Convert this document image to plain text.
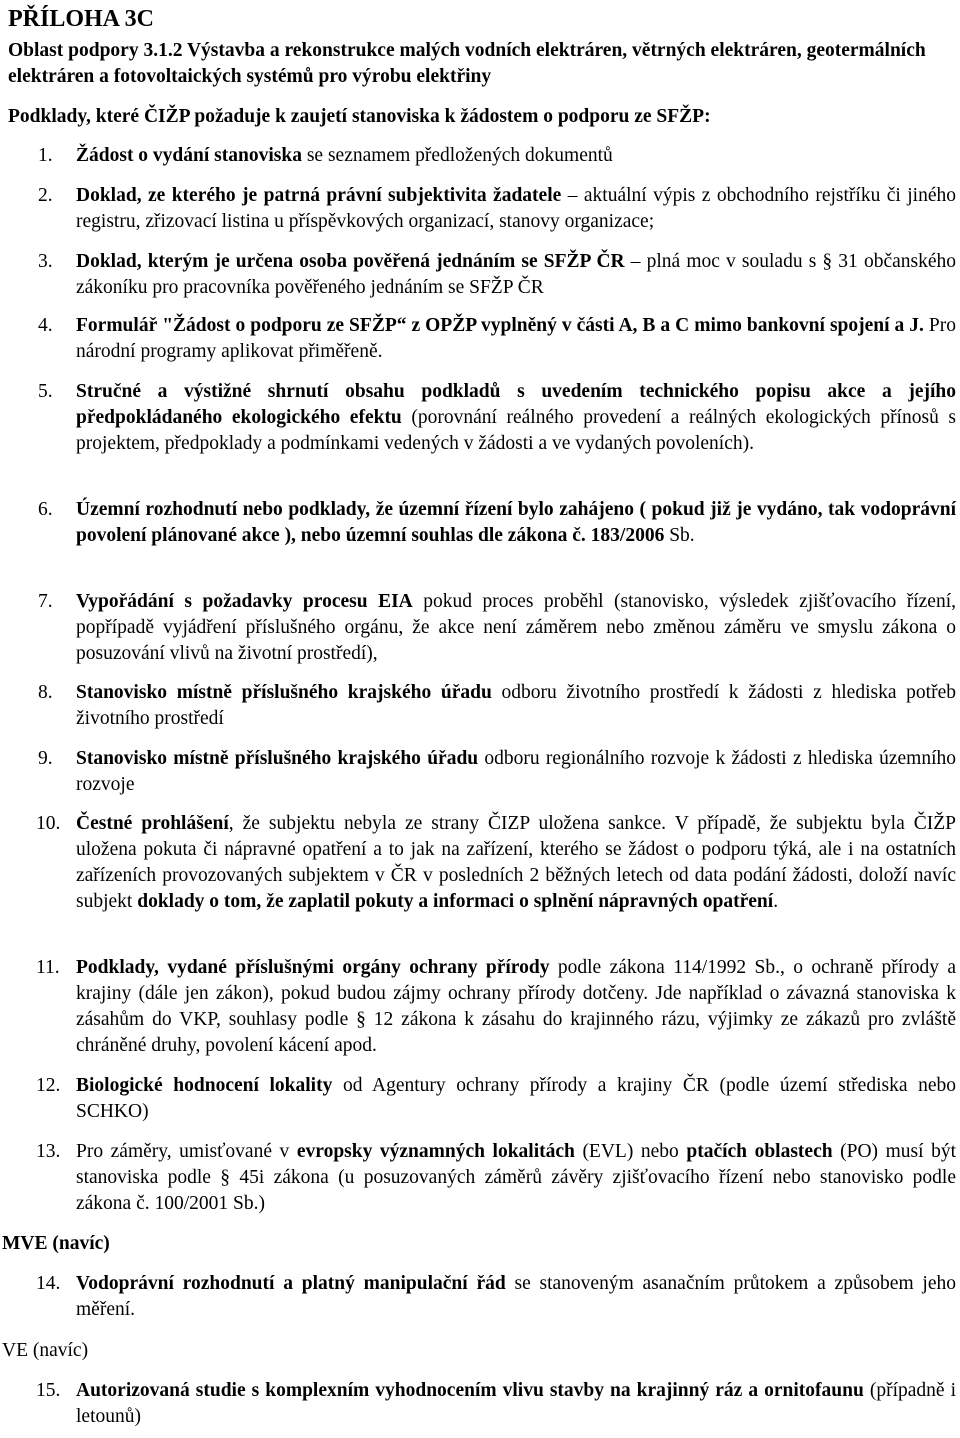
PŘÍLOHA 3C
Oblast podpory 3.1.2 Výstavba a rekonstrukce malých vodních elektráren, větrných elektráren, geotermálních elektráren a fotovoltaických systémů pro výrobu elektřiny
Podklady, které ČIŽP požaduje k zaujetí stanoviska k žádostem o podporu ze SFŽP:
1.	Žádost o vydání stanoviska se seznamem předložených dokumentů
2.	Doklad, ze kterého je patrná právní subjektivita žadatele – aktuální výpis z obchodního rejstříku či jiného registru, zřizovací listina u příspěvkových organizací, stanovy organizace;
3.	Doklad, kterým je určena osoba pověřená jednáním se SFŽP ČR – plná moc v souladu s § 31 občanského zákoníku pro pracovníka pověřeného jednáním se SFŽP ČR
4.	Formulář "Žádost o podporu ze SFŽP“ z OPŽP vyplněný v části A, B a C mimo bankovní spojení a J. Pro národní programy aplikovat přiměřeně.
5.	Stručné a výstižné shrnutí obsahu podkladů s uvedením technického popisu akce a jejího předpokládaného ekologického efektu (porovnání reálného provedení a reálných ekologických přínosů s projektem, předpoklady a podmínkami vedených v žádosti a ve vydaných povoleních).
6.	Územní rozhodnutí nebo podklady, že územní řízení bylo zahájeno ( pokud již je vydáno, tak vodoprávní povolení plánované akce ), nebo územní souhlas dle zákona č. 183/2006 Sb.
7.	Vypořádání s požadavky procesu EIA pokud proces proběhl (stanovisko, výsledek zjišťovacího řízení, popřípadě vyjádření příslušného orgánu, že akce není záměrem nebo změnou záměru ve smyslu zákona o posuzování vlivů na životní prostředí),
8.	Stanovisko místně příslušného krajského úřadu odboru životního prostředí k žádosti z hlediska potřeb životního prostředí
9.	Stanovisko místně příslušného krajského úřadu odboru regionálního rozvoje k žádosti z hlediska územního rozvoje
10. Čestné prohlášení, že subjektu nebyla ze strany ČIZP uložena sankce. V případě, že subjektu byla ČIŽP uložena pokuta či nápravné opatření a to jak na zařízení, kterého se žádost o podporu týká, ale i na ostatních zařízeních provozovaných subjektem v ČR v posledních 2 běžných letech od data podání žádosti, doloží navíc subjekt doklady o tom, že zaplatil pokuty a informaci o splnění nápravných opatření.
11. Podklady, vydané příslušnými orgány ochrany přírody podle zákona 114/1992 Sb., o ochraně přírody a krajiny (dále jen zákon), pokud budou zájmy ochrany přírody dotčeny. Jde například o závazná stanoviska k zásahům do VKP, souhlasy podle § 12 zákona k zásahu do krajinného rázu, výjimky ze zákazů pro zvláště chráněné druhy, povolení kácení apod.
12. Biologické hodnocení lokality od Agentury ochrany přírody a krajiny ČR (podle území střediska nebo SCHKO)
13. Pro záměry, umisťované v evropsky významných lokalitách (EVL) nebo ptačích oblastech (PO) musí být stanoviska podle § 45i zákona (u posuzovaných záměrů závěry zjišťovacího řízení nebo stanovisko podle zákona č. 100/2001 Sb.)
MVE (navíc)
14. Vodoprávní rozhodnutí a platný manipulační řád se stanoveným asanačním průtokem a způsobem jeho měření.
VE (navíc)
15. Autorizovaná studie s komplexním vyhodnocením vlivu stavby na krajinný ráz a ornitofaunu (případně i letounů)
